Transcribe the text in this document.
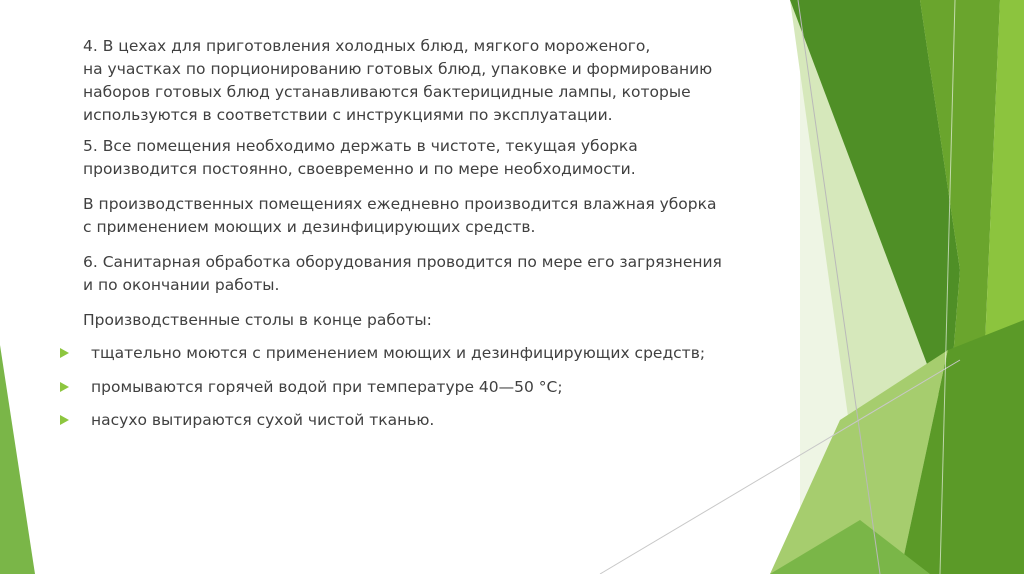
4. В цехах для приготовления холодных блюд, мягкого мороженого,
на участках по порционированию готовых блюд, упаковке и формированию
наборов готовых блюд устанавливаются бактерицидные лампы, которые
используются в соответствии с инструкциями по эксплуатации.

5. Все помещения необходимо держать в чистоте, текущая уборка
производится постоянно, своевременно и по мере необходимости.

В производственных помещениях ежедневно производится влажная уборка
с применением моющих и дезинфицирующих средств.

6. Санитарная обработка оборудования проводится по мере его загрязнения
и по окончании работы.

Производственные столы в конце работы:

тщательно моются с применением моющих и дезинфицирующих средств;
промываются горячей водой при температуре 40—50 °С;
насухо вытираются сухой чистой тканью.
